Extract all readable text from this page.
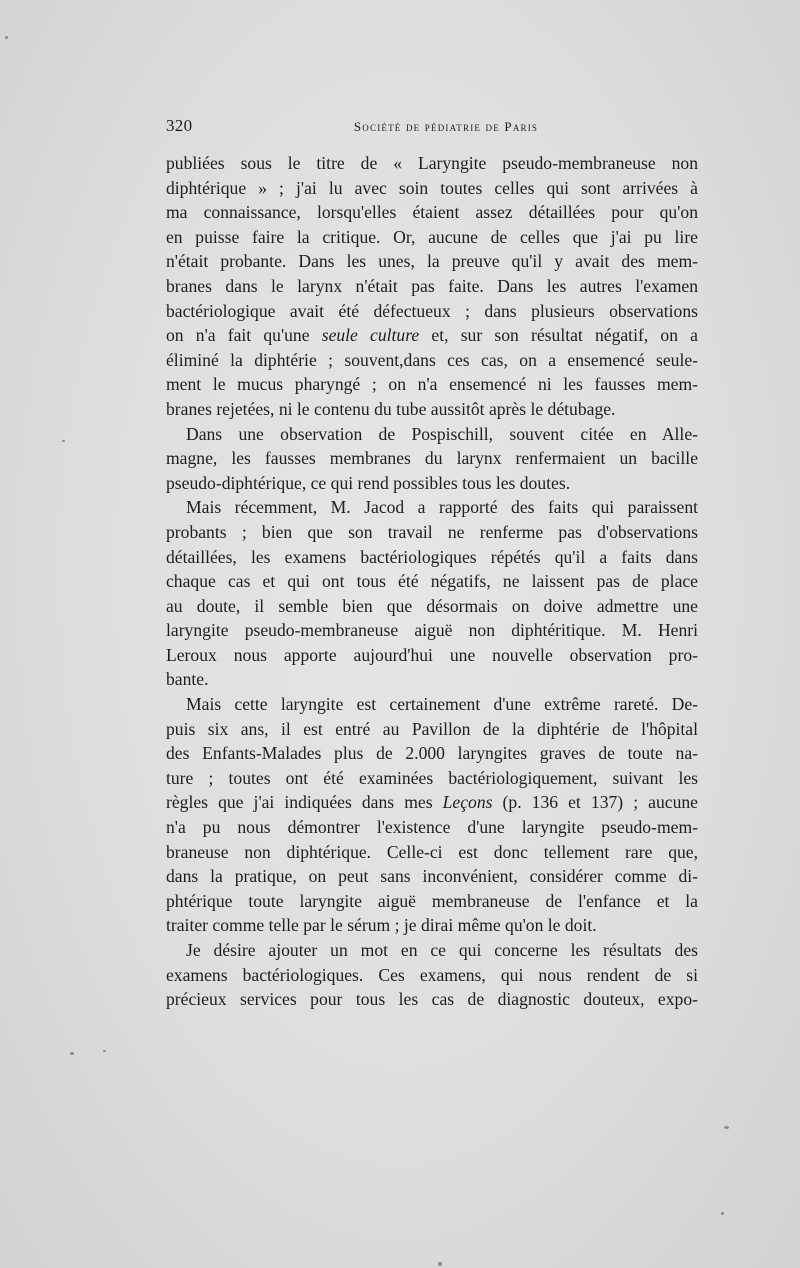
320	Société de pédiatrie de Paris
publiées sous le titre de « Laryngite pseudo-membraneuse non
diphtérique » ; j'ai lu avec soin toutes celles qui sont arrivées à
ma connaissance, lorsqu'elles étaient assez détaillées pour qu'on
en puisse faire la critique. Or, aucune de celles que j'ai pu lire
n'était probante. Dans les unes, la preuve qu'il y avait des mem-
branes dans le larynx n'était pas faite. Dans les autres l'examen
bactériologique avait été défectueux ; dans plusieurs observations
on n'a fait qu'une seule culture et, sur son résultat négatif, on a
éliminé la diphtérie ; souvent,dans ces cas, on a ensemencé seule-
ment le mucus pharyngé ; on n'a ensemencé ni les fausses mem-
branes rejetées, ni le contenu du tube aussitôt après le détubage.
Dans une observation de Pospischill, souvent citée en Alle-
magne, les fausses membranes du larynx renfermaient un bacille
pseudo-diphtérique, ce qui rend possibles tous les doutes.
Mais récemment, M. Jacod a rapporté des faits qui paraissent
probants ; bien que son travail ne renferme pas d'observations
détaillées, les examens bactériologiques répétés qu'il a faits dans
chaque cas et qui ont tous été négatifs, ne laissent pas de place
au doute, il semble bien que désormais on doive admettre une
laryngite pseudo-membraneuse aiguë non diphtéritique. M. Henri
Leroux nous apporte aujourd'hui une nouvelle observation pro-
bante.
Mais cette laryngite est certainement d'une extrême rareté. De-
puis six ans, il est entré au Pavillon de la diphtérie de l'hôpital
des Enfants-Malades plus de 2.000 laryngites graves de toute na-
ture ; toutes ont été examinées bactériologiquement, suivant les
règles que j'ai indiquées dans mes Leçons (p. 136 et 137) ; aucune
n'a pu nous démontrer l'existence d'une laryngite pseudo-mem-
braneuse non diphtérique. Celle-ci est donc tellement rare que,
dans la pratique, on peut sans inconvénient, considérer comme di-
phtérique toute laryngite aiguë membraneuse de l'enfance et la
traiter comme telle par le sérum ; je dirai même qu'on le doit.
Je désire ajouter un mot en ce qui concerne les résultats des
examens bactériologiques. Ces examens, qui nous rendent de si
précieux services pour tous les cas de diagnostic douteux, expo-
